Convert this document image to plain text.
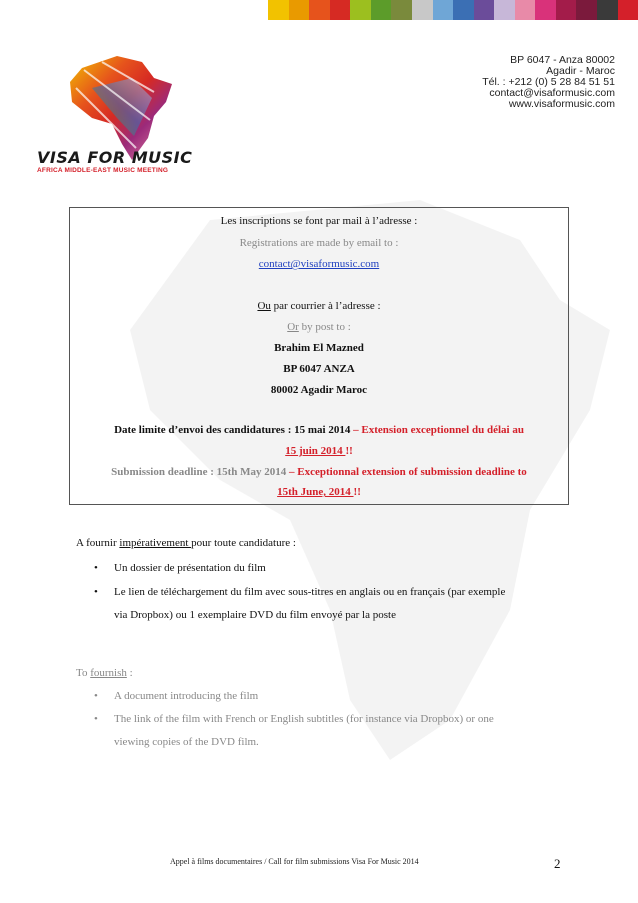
VISA FOR MUSIC
AFRICA MIDDLE-EAST MUSIC MEETING
BP 6047 - Anza 80002
Agadir - Maroc
Tél. : +212 (0) 5 28 84 51 51
contact@visaformusic.com
www.visaformusic.com
Les inscriptions se font par mail à l’adresse :
Registrations are made by email to :
contact@visaformusic.com
Ou par courrier à l’adresse :
Or by post to :
Brahim El Mazned
BP 6047 ANZA
80002 Agadir Maroc
Date limite d’envoi des candidatures : 15 mai 2014 – Extension exceptionnel du délai au
15 juin 2014 !!
Submission deadline : 15th May 2014 – Exceptionnal extension of submission deadline to
15th June, 2014 !!
A fournir impérativement pour toute candidature :
• Un dossier de présentation du film
• Le lien de téléchargement du film avec sous-titres en anglais ou en français (par exemple
via Dropbox) ou 1 exemplaire DVD du film envoyé par la poste
To fournish :
• A document introducing the film
• The link of the film with French or English subtitles (for instance via Dropbox) or one
viewing copies of the DVD film.
Appel à films documentaires / Call for film submissions Visa For Music 2014	2
